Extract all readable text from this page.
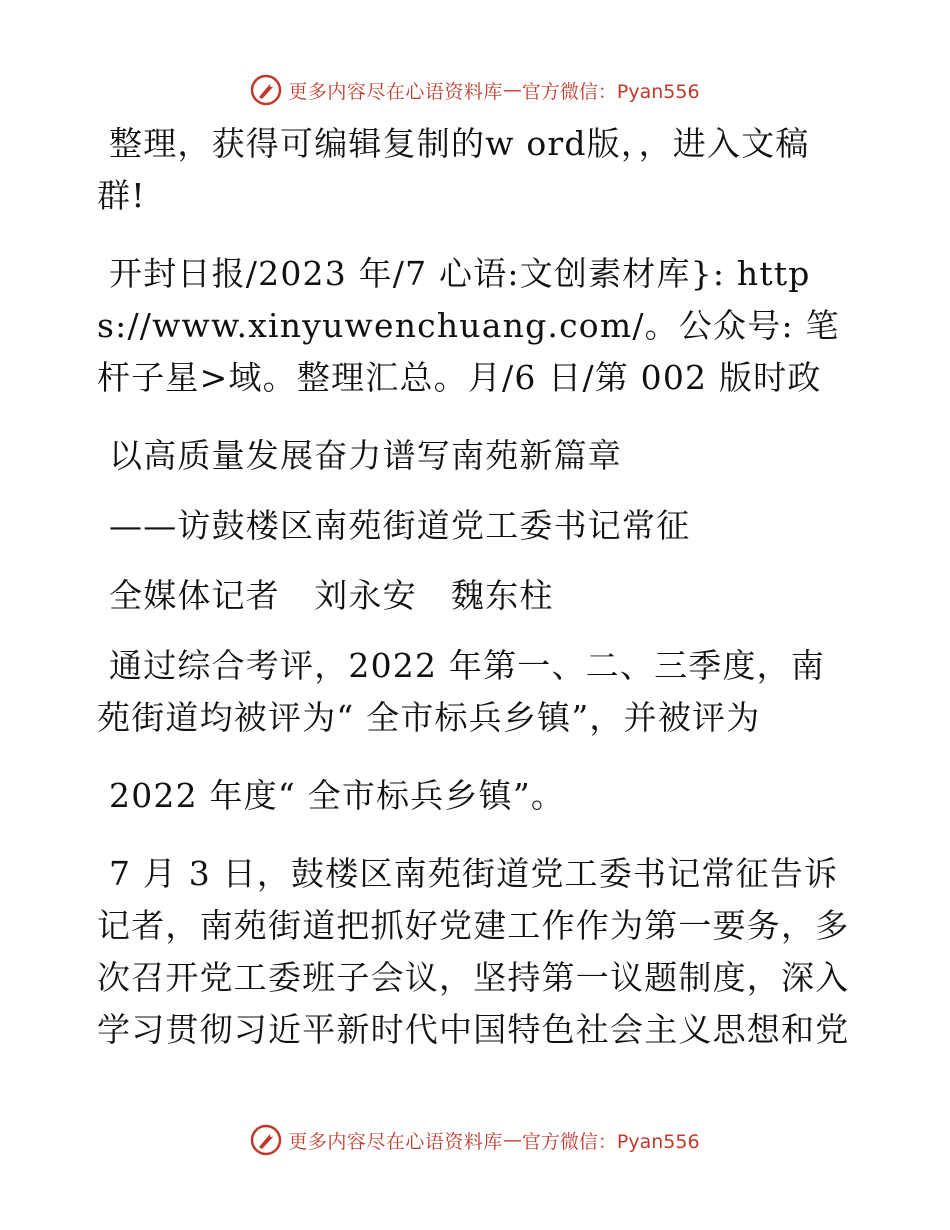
更多内容尽在心语资料库 — 官方微信：Pyan556

整理，获得可编辑复制的w ord版，，进入文稿群!

开封日报/2023 年/7 心语:文创素材库}: https://www.xinyuwenchuang.com/。公众号: 笔杆子星>域。整理汇总。月/6 日/第 002 版时政

以高质量发展奋力谱写南苑新篇章

——访鼓楼区南苑街道党工委书记常征

全媒体记者　刘永安　魏东柱

通过综合考评，2022 年第一、二、三季度，南苑街道均被评为“ 全市标兵乡镇”，并被评为

2022 年度“ 全市标兵乡镇”。

7 月 3 日，鼓楼区南苑街道党工委书记常征告诉记者，南苑街道把抓好党建工作作为第一要务，多次召开党工委班子会议，坚持第一议题制度，深入学习贯彻习近平新时代中国特色社会主义思想和党

更多内容尽在心语资料库 — 官方微信：Pyan556
